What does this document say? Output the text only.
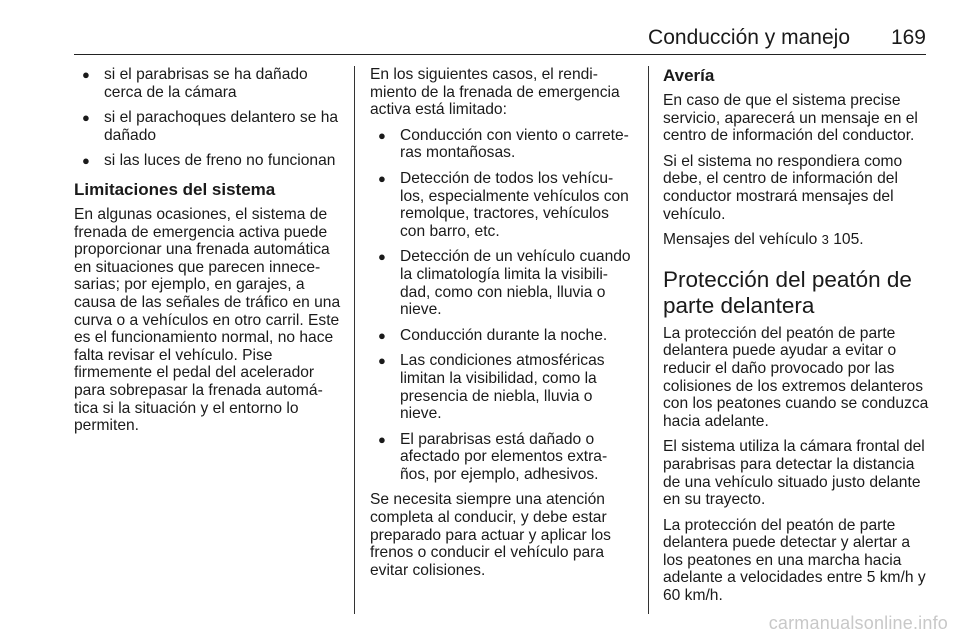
Conducción y manejo 169
● si el parabrisas se ha dañado cerca de la cámara
● si el parachoques delantero se ha dañado
● si las luces de freno no funcionan
Limitaciones del sistema

En algunas ocasiones, el sistema de frenada de emergencia activa puede proporcionar una frenada automática en situaciones que parecen innece‐sarias; por ejemplo, en garajes, a causa de las señales de tráfico en una curva o a vehículos en otro carril. Este es el funcionamiento normal, no hace falta revisar el vehículo. Pise firmemente el pedal del acelerador para sobrepasar la frenada automá‐tica si la situación y el entorno lo permiten.

En los siguientes casos, el rendi‐miento de la frenada de emergencia activa está limitado:

● Conducción con viento o carrete‐ras montañosas.
● Detección de todos los vehícu‐los, especialmente vehículos con remolque, tractores, vehículos con barro, etc.
● Detección de un vehículo cuando la climatología limita la visibili‐dad, como con niebla, lluvia o nieve.
● Conducción durante la noche.
● Las condiciones atmosféricas limitan la visibilidad, como la presencia de niebla, lluvia o nieve.
● El parabrisas está dañado o afectado por elementos extra‐ños, por ejemplo, adhesivos.

Se necesita siempre una atención completa al conducir, y debe estar preparado para actuar y aplicar los frenos o conducir el vehículo para evitar colisiones.

Avería

En caso de que el sistema precise servicio, aparecerá un mensaje en el centro de información del conductor.

Si el sistema no respondiera como debe, el centro de información del conductor mostrará mensajes del vehículo.

Mensajes del vehículo 3 105.

Protección del peatón de parte delantera

La protección del peatón de parte delantera puede ayudar a evitar o reducir el daño provocado por las colisiones de los extremos delanteros con los peatones cuando se conduzca hacia adelante.

El sistema utiliza la cámara frontal del parabrisas para detectar la distancia de una vehículo situado justo delante en su trayecto.

La protección del peatón de parte delantera puede detectar y alertar a los peatones en una marcha hacia adelante a velocidades entre 5 km/h y 60 km/h.

carmanualsonline.info
